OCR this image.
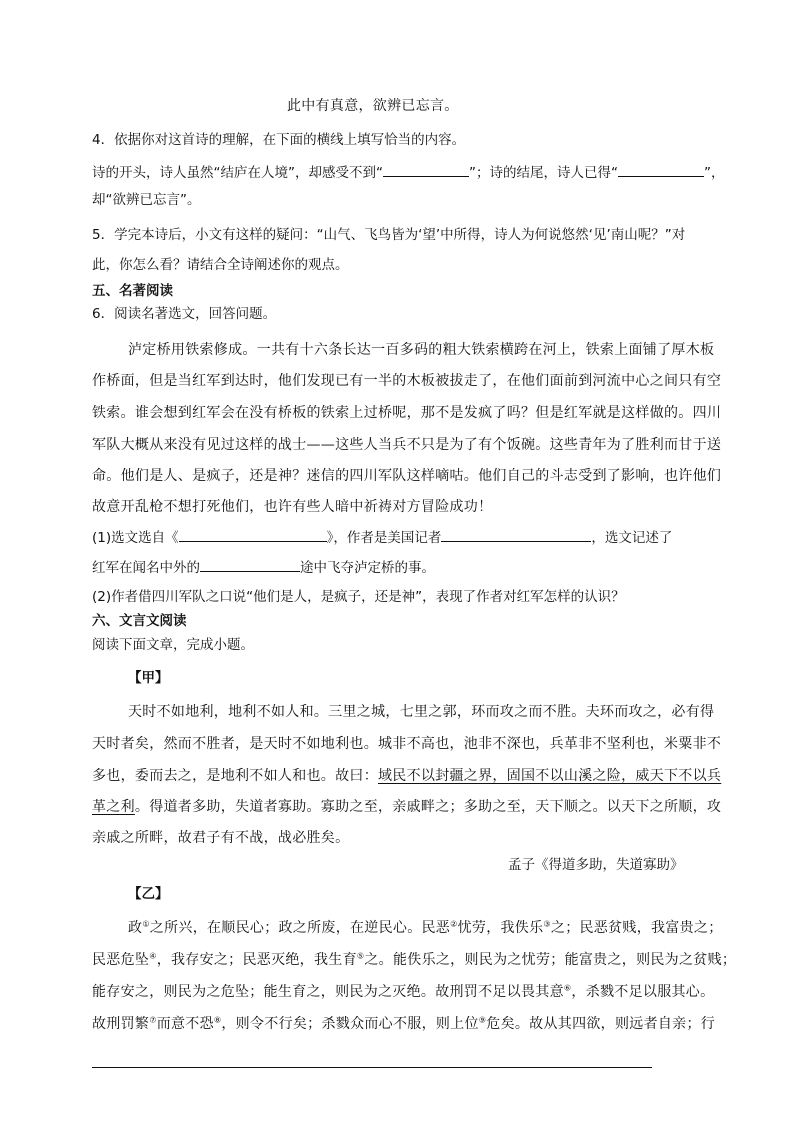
此中有真意，欲辨已忘言。
4．依据你对这首诗的理解，在下面的横线上填写恰当的内容。
诗的开头，诗人虽然“结庐在人境”，却感受不到“	”；诗的结尾，诗人已得“	”，
却“欲辨已忘言”。
5．学完本诗后，小文有这样的疑问：“山气、飞鸟皆为‘望’中所得，诗人为何说悠然‘见’南山呢？”对
此，你怎么看？请结合全诗阐述你的观点。
五、名著阅读
6．阅读名著选文，回答问题。
泸定桥用铁索修成。一共有十六条长达一百多码的粗大铁索横跨在河上，铁索上面铺了厚木板
作桥面，但是当红军到达时，他们发现已有一半的木板被拔走了，在他们面前到河流中心之间只有空
铁索。谁会想到红军会在没有桥板的铁索上过桥呢，那不是发疯了吗？但是红军就是这样做的。四川
军队大概从来没有见过这样的战士——这些人当兵不只是为了有个饭碗。这些青年为了胜利而甘于送
命。他们是人、是疯子，还是神？迷信的四川军队这样嘀咕。他们自己的斗志受到了影响，也许他们
故意开乱枪不想打死他们，也许有些人暗中祈祷对方冒险成功！
(1)选文选自《	》，作者是美国记者	，选文记述了
红军在闻名中外的	途中飞夺泸定桥的事。
(2)作者借四川军队之口说“他们是人，是疯子，还是神”，表现了作者对红军怎样的认识？
六、文言文阅读
阅读下面文章，完成小题。
【甲】
天时不如地利，地利不如人和。三里之城，七里之郭，环而攻之而不胜。夫环而攻之，必有得
天时者矣，然而不胜者，是天时不如地利也。城非不高也，池非不深也，兵革非不坚利也，米粟非不
多也，委而去之，是地利不如人和也。故曰：域民不以封疆之界，固国不以山溪之险，威天下不以兵
革之利。得道者多助，失道者寡助。寡助之至，亲戚畔之；多助之至，天下顺之。以天下之所顺，攻
亲戚之所畔，故君子有不战，战必胜矣。
孟子《得道多助，失道寡助》
【乙】
政①之所兴，在顺民心；政之所废，在逆民心。民恶②忧劳，我佚乐③之；民恶贫贱，我富贵之；
民恶危坠④，我存安之；民恶灭绝，我生育⑤之。能佚乐之，则民为之忧劳；能富贵之，则民为之贫贱；
能存安之，则民为之危坠；能生育之，则民为之灭绝。故刑罚不足以畏其意⑥，杀戮不足以服其心。
故刑罚繁⑦而意不恐⑧，则令不行矣；杀戮众而心不服，则上位⑨危矣。故从其四欲，则远者自亲；行
